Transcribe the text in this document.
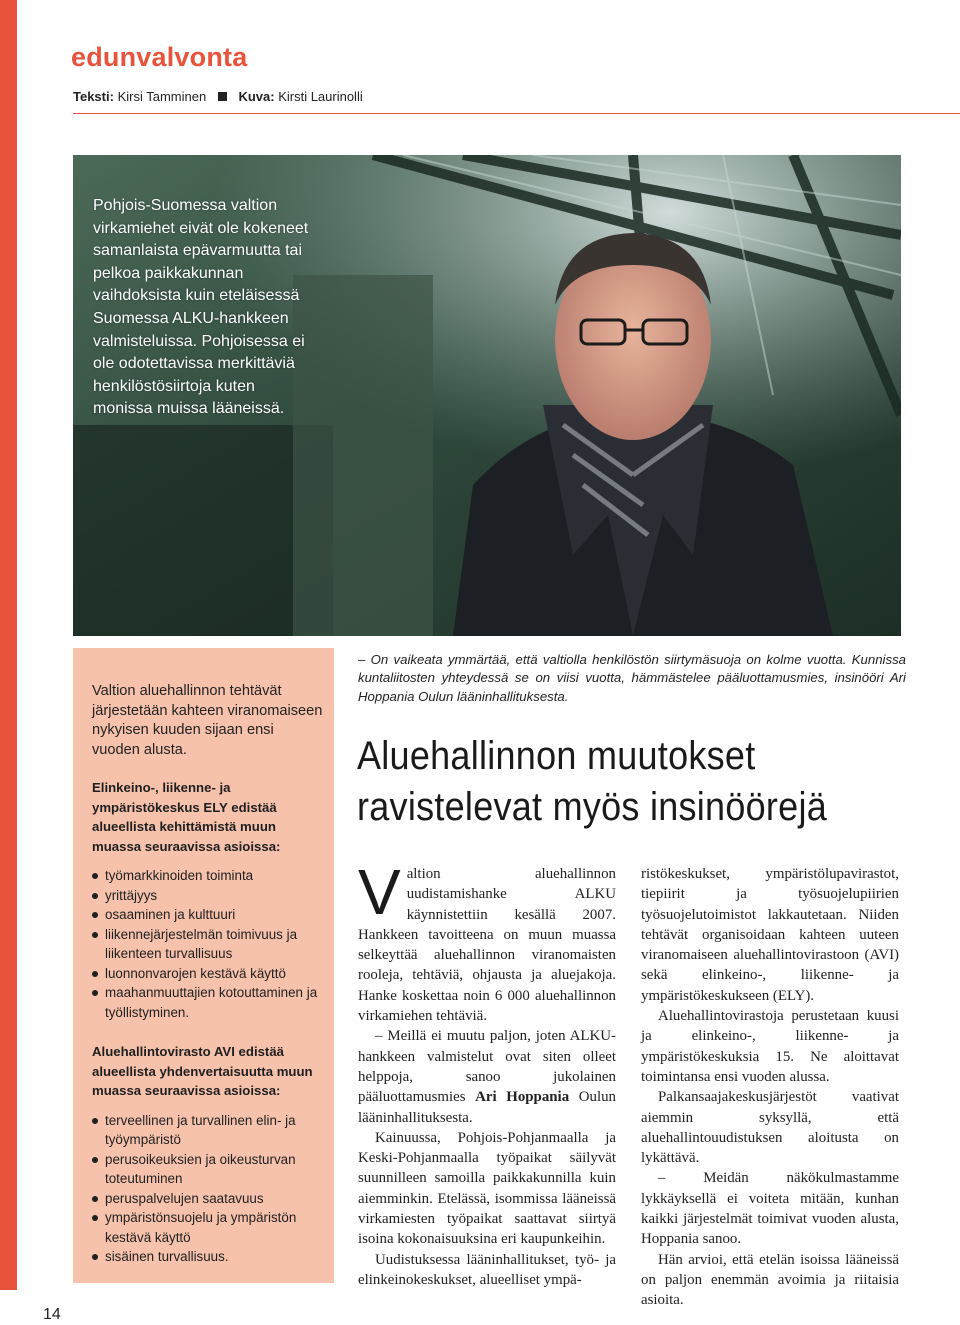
edunvalvonta
Teksti: Kirsi Tamminen Kuva: Kirsti Laurinolli
Pohjois-Suomessa valtion virkamiehet eivät ole kokeneet samanlaista epävarmuutta tai pelkoa paikkakunnan vaihdoksista kuin eteläisessä Suomessa ALKU-hankkeen valmisteluissa. Pohjoisessa ei ole odotettavissa merkittäviä henkilöstösiirtoja kuten monissa muissa lääneissä.

Valtion aluehallinnon tehtävät järjestetään kahteen viranomaiseen nykyisen kuuden sijaan ensi vuoden alusta.

Elinkeino-, liikenne- ja ympäristökeskus ELY edistää alueellista kehittämistä muun muassa seuraavissa asioissa:

työmarkkinoiden toiminta
yrittäjyys
osaaminen ja kulttuuri
liikennejärjestelmän toimivuus ja liikenteen turvallisuus
luonnonvarojen kestävä käyttö
maahanmuuttajien kotouttaminen ja työllistyminen.

Aluehallintovirasto AVI edistää alueellista yhdenvertaisuutta muun muassa seuraavissa asioissa:

terveellinen ja turvallinen elin- ja työympäristö
perusoikeuksien ja oikeusturvan toteutuminen
peruspalvelujen saatavuus
ympäristönsuojelu ja ympäristön kestävä käyttö
sisäinen turvallisuus.
– On vaikeata ymmärtää, että valtiolla henkilöstön siirtymäsuoja on kolme vuotta. Kunnissa kuntaliitosten yhteydessä se on viisi vuotta, hämmästelee pääluottamusmies, insinööri Ari Hoppania Oulun lääninhallituksesta.
Aluehallinnon muutokset
ravistelevat myös insinöörejä

Valtion aluehallinnon uudistamishanke ALKU käynnistettiin kesällä 2007. Hankkeen tavoitteena on muun muassa selkeyttää aluehallinnon viranomaisten rooleja, tehtäviä, ohjausta ja aluejakoja. Hanke koskettaa noin 6 000 aluehallinnon virkamiehen tehtäviä.

– Meillä ei muutu paljon, joten ALKU-hankkeen valmistelut ovat siten olleet helppoja, sanoo jukolainen pääluottamusmies Ari Hoppania Oulun lääninhallituksesta.

Kainuussa, Pohjois-Pohjanmaalla ja Keski-Pohjanmaalla työpaikat säilyvät suunnilleen samoilla paikkakunnilla kuin aiemminkin. Etelässä, isommissa lääneissä virkamiesten työpaikat saattavat siirtyä isoina kokonaisuuksina eri kaupunkeihin.

Uudistuksessa lääninhallitukset, työ- ja elinkeinokeskukset, alueelliset ympä-

ristökeskukset, ympäristölupavirastot, tiepiirit ja työsuojelupiirien työsuojelutoimistot lakkautetaan. Niiden tehtävät organisoidaan kahteen uuteen viranomaiseen aluehallintovirastoon (AVI) sekä elinkeino-, liikenne- ja ympäristökeskukseen (ELY).

Aluehallintovirastoja perustetaan kuusi ja elinkeino-, liikenne- ja ympäristökeskuksia 15. Ne aloittavat toimintansa ensi vuoden alussa.

Palkansaajakeskusjärjestöt vaativat aiemmin syksyllä, että aluehallintouudistuksen aloitusta on lykättävä.

– Meidän näkökulmastamme lykkäyksellä ei voiteta mitään, kunhan kaikki järjestelmät toimivat vuoden alusta, Hoppania sanoo.

Hän arvioi, että etelän isoissa lääneissä on paljon enemmän avoimia ja riitaisia asioita.

14
